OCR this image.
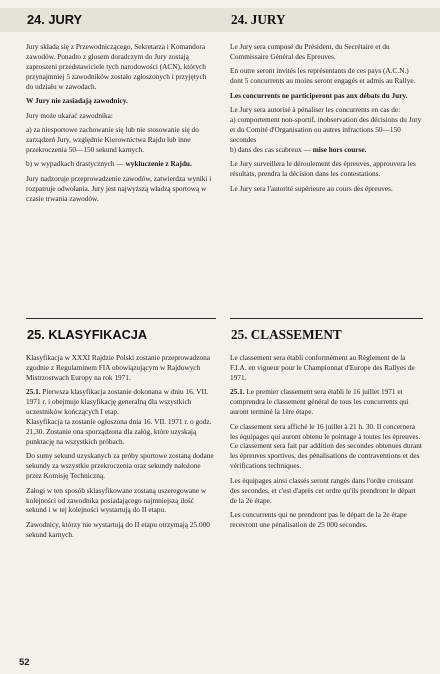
24. JURY

Jury składa się z Przewodniczącego, Sekretarza i Komandora zawodów. Ponadto z głosem doradczym do Jury zostają zaproszeni przedstawiciele tych narodowości (ACN), których przynajmniej 5 zawodników zostało zgłoszonych i przyjętych do udziału w zawodach.

W Jury nie zasiadają zawodnicy.

Jury może ukarać zawodnika:

a) za niesportowe zachowanie się lub nie stosowanie się do zarządzeń Jury, względnie Kierownictwa Rajdu lub inne przekroczenia 50—150 sekund karnych.

b) w wypadkach drastycznych — wykluczenie z Rajdu.

Jury nadzoruje przeprowadzenie zawodów, zatwierdza wyniki i rozpatruje odwołania. Jury jest najwyższą władzą sportową w czasie trwania zawodów.

24. JURY

Le Jury sera composé du Président, du Secrétaire et du Commissaire Général des Epreuves.

En outre seront invités les représentants de ces pays (A.C.N.) dont 5 concurrents au moins seront engagés et admis au Rallye.

Les concurrents ne participeront pas aux débats du Jury.

Le Jury sera autorisé à pénaliser les concurrents en cas de:

a) comportement non-sportif, inobservation des décisions du Jury et du Comité d'Organisation ou autres infractions 50—150 secondes

b) dans des cas scabreux — mise hors course.

Le Jury surveillera le déroulement des épreuves, approuvera les résultats, prendra la décision dans les contestations.

Le Jury sera l'autorité supérieure au cours des épreuves.

25. KLASYFIKACJA

Klasyfikacja w XXXI Rajdzie Polski zostanie przeprowadzona zgodnie z Regulaminem FIA obowiązującym w Rajdowych Mistrzostwach Europy na rok 1971.

25.1. Pierwsza klasyfikacja zostanie dokonana w dniu 16. VII. 1971 r. i obejmuje klasyfikację generalną dla wszystkich uczestników kończących I etap.

Klasyfikacja ta zostanie ogłoszona dnia 16. VII. 1971 r. o godz. 21,30. Zostanie ona sporządzona dla załóg, które uzyskają punktację na wszystkich próbach.

Do sumy sekund uzyskanych za próby sportowe zostaną dodane sekundy za wszystkie przekroczenia oraz sekundy nałożone przez Komisję Techniczną.

Załogi w ten sposób sklasyfikowane zostaną uszeregowane w kolejności od zawodnika posiadającego najmniejszą ilość sekund i w tej kolejności wystartują do II etapu.

Zawodnicy, którzy nie wystartują do II etapu otrzymają 25.000 sekund karnych.

25. CLASSEMENT

Le classement sera établi conformément au Règlement de la F.I.A. en vigueur pour le Championnat d'Europe des Rallyes de 1971.

25.1. Le premier classement sera établi le 16 juillet 1971 et comprendra le classement général de tous les concurrents qui auront terminé la 1ère étape.

Ce classement sera affiché le 16 juillet à 21 h. 30. Il concernera les équipages qui auront obtenu le pointage à toutes les épreuves. Ce classement sera fait par addition des secondes obtenues durant les épreuves sportives, des pénalisations de contraventions et des vérifications techniques.

Les équipages ainsi classés seront rangés dans l'ordre croissant des secondes, et c'est d'après cet ordre qu'ils prendront le départ de la 2e étape.

Les concurrents qui ne prendront pas le départ de la 2e étape recevront une pénalisation de 25 000 secondes.

52
